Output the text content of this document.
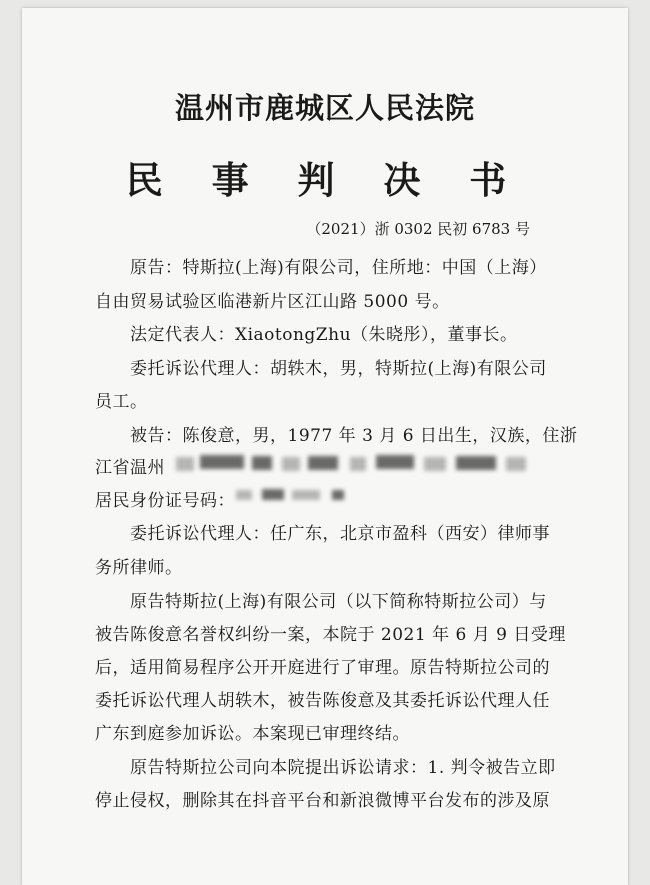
温州市鹿城区人民法院
民 事 判 决 书
（2021）浙 0302 民初 6783 号
原告：特斯拉(上海)有限公司，住所地：中国（上海）
自由贸易试验区临港新片区江山路 5000 号。
法定代表人：XiaotongZhu（朱晓彤），董事长。
委托诉讼代理人：胡轶木，男，特斯拉(上海)有限公司
员工。
被告：陈俊意，男，1977 年 3 月 6 日出生，汉族，住浙
江省温州
居民身份证号码：
委托诉讼代理人：任广东，北京市盈科（西安）律师事
务所律师。
原告特斯拉(上海)有限公司（以下简称特斯拉公司）与
被告陈俊意名誉权纠纷一案，本院于 2021 年 6 月 9 日受理
后，适用简易程序公开开庭进行了审理。原告特斯拉公司的
委托诉讼代理人胡轶木，被告陈俊意及其委托诉讼代理人任
广东到庭参加诉讼。本案现已审理终结。
原告特斯拉公司向本院提出诉讼请求：1. 判令被告立即
停止侵权，删除其在抖音平台和新浪微博平台发布的涉及原
